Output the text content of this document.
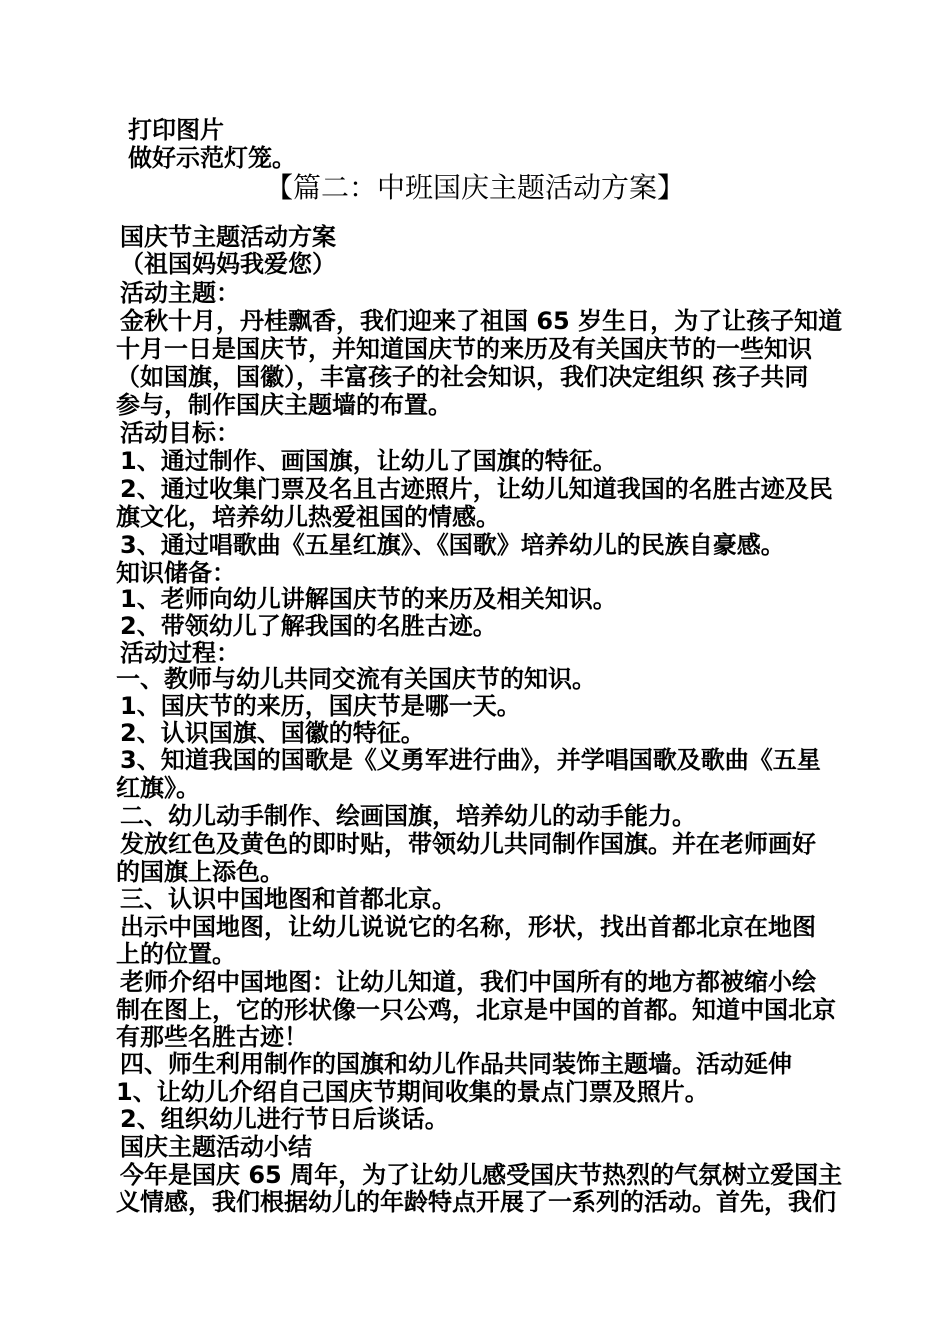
打印图片
做好示范灯笼。
【篇二：中班国庆主题活动方案】
国庆节主题活动方案
（祖国妈妈我爱您）
活动主题：
金秋十月，丹桂飘香，我们迎来了祖国 65 岁生日，为了让孩子知道
十月一日是国庆节，并知道国庆节的来历及有关国庆节的一些知识
（如国旗，国徽），丰富孩子的社会知识，我们决定组织 孩子共同
参与，制作国庆主题墙的布置。
活动目标：
1、通过制作、画国旗，让幼儿了国旗的特征。
2、通过收集门票及名且古迹照片，让幼儿知道我国的名胜古迹及民
旗文化，培养幼儿热爱祖国的情感。
3、通过唱歌曲《五星红旗》、《国歌》培养幼儿的民族自豪感。
知识储备：
1、老师向幼儿讲解国庆节的来历及相关知识。
2、带领幼儿了解我国的名胜古迹。
活动过程：
一、教师与幼儿共同交流有关国庆节的知识。
1、国庆节的来历，国庆节是哪一天。
2、认识国旗、国徽的特征。
3、知道我国的国歌是《义勇军进行曲》，并学唱国歌及歌曲《五星
红旗》。
二、幼儿动手制作、绘画国旗，培养幼儿的动手能力。
发放红色及黄色的即时贴，带领幼儿共同制作国旗。并在老师画好
的国旗上添色。
三、认识中国地图和首都北京。
出示中国地图，让幼儿说说它的名称，形状，找出首都北京在地图
上的位置。
老师介绍中国地图：让幼儿知道，我们中国所有的地方都被缩小绘
制在图上，它的形状像一只公鸡，北京是中国的首都。知道中国北京
有那些名胜古迹！
四、师生利用制作的国旗和幼儿作品共同装饰主题墙。活动延伸
1、让幼儿介绍自己国庆节期间收集的景点门票及照片。
2、组织幼儿进行节日后谈话。
国庆主题活动小结
今年是国庆 65 周年，为了让幼儿感受国庆节热烈的气氛树立爱国主
义情感，我们根据幼儿的年龄特点开展了一系列的活动。首先，我们
